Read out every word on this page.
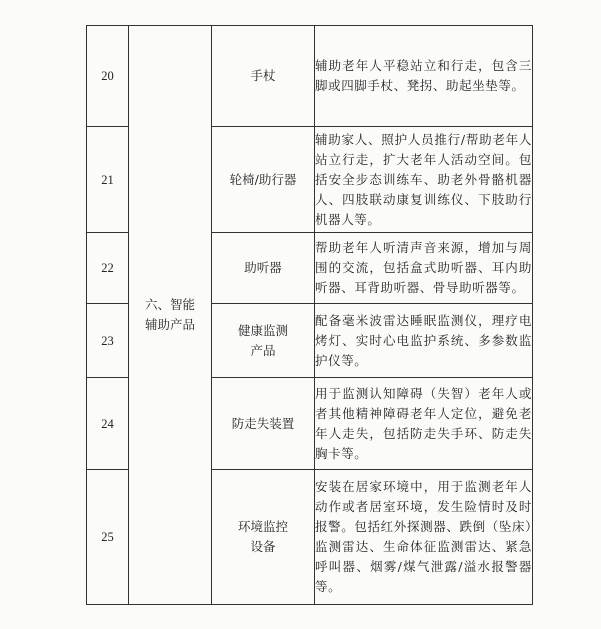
20	六、智能辅助产品	手杖	辅助老年人平稳站立和行走，包含三脚或四脚手杖、凳拐、助起坐垫等。
21		轮椅/助行器	辅助家人、照护人员推行/帮助老年人站立行走，扩大老年人活动空间。包括安全步态训练车、助老外骨骼机器人、四肢联动康复训练仪、下肢助行机器人等。
22		助听器	帮助老年人听清声音来源，增加与周围的交流，包括盒式助听器、耳内助听器、耳背助听器、骨导助听器等。
23		健康监测产品	配备毫米波雷达睡眠监测仪，理疗电烤灯、实时心电监护系统、多参数监护仪等。
24		防走失装置	用于监测认知障碍（失智）老年人或者其他精神障碍老年人定位，避免老年人走失，包括防走失手环、防走失胸卡等。
25		环境监控设备	安装在居家环境中，用于监测老年人动作或者居室环境，发生险情时及时报警。包括红外探测器、跌倒（坠床）监测雷达、生命体征监测雷达、紧急呼叫器、烟雾/煤气泄露/溢水报警器等。
